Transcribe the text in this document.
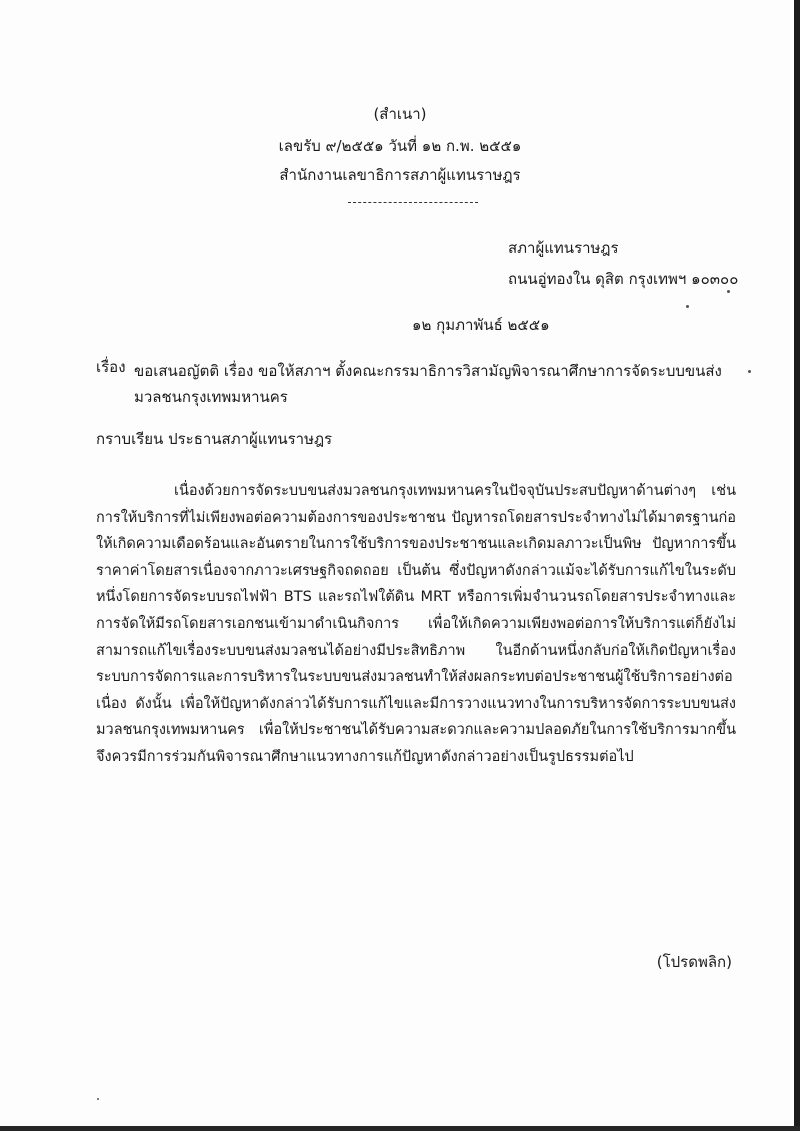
(สำเนา)
เลขรับ ๙/๒๕๕๑ วันที่ ๑๒ ก.พ. ๒๕๕๑
สำนักงานเลขาธิการสภาผู้แทนราษฎร
สภาผู้แทนราษฎร
ถนนอู่ทองใน ดุสิต กรุงเทพฯ ๑๐๓๐๐
๑๒ กุมภาพันธ์ ๒๕๕๑
เรื่อง ขอเสนอญัตติ เรื่อง ขอให้สภาฯ ตั้งคณะกรรมาธิการวิสามัญพิจารณาศึกษาการจัดระบบขนส่งมวลชนกรุงเทพมหานคร
กราบเรียน ประธานสภาผู้แทนราษฎร
เนื่องด้วยการจัดระบบขนส่งมวลชนกรุงเทพมหานครในปัจจุบันประสบปัญหาด้านต่างๆ เช่น การให้บริการที่ไม่เพียงพอต่อความต้องการของประชาชน ปัญหารถโดยสารประจำทางไม่ได้มาตรฐานก่อให้เกิดความเดือดร้อนและอันตรายในการใช้บริการของประชาชนและเกิดมลภาวะเป็นพิษ ปัญหาการขึ้นราคาค่าโดยสารเนื่องจากภาวะเศรษฐกิจถดถอย เป็นต้น ซึ่งปัญหาดังกล่าวแม้จะได้รับการแก้ไขในระดับหนึ่งโดยการจัดระบบรถไฟฟ้า BTS และรถไฟใต้ดิน MRT หรือการเพิ่มจำนวนรถโดยสารประจำทางและการจัดให้มีรถโดยสารเอกชนเข้ามาดำเนินกิจการ เพื่อให้เกิดความเพียงพอต่อการให้บริการแต่ก็ยังไม่สามารถแก้ไขเรื่องระบบขนส่งมวลชนได้อย่างมีประสิทธิภาพ ในอีกด้านหนึ่งกลับก่อให้เกิดปัญหาเรื่องระบบการจัดการและการบริหารในระบบขนส่งมวลชนทำให้ส่งผลกระทบต่อประชาชนผู้ใช้บริการอย่างต่อเนื่อง ดังนั้น เพื่อให้ปัญหาดังกล่าวได้รับการแก้ไขและมีการวางแนวทางในการบริหารจัดการระบบขนส่งมวลชนกรุงเทพมหานคร เพื่อให้ประชาชนได้รับความสะดวกและความปลอดภัยในการใช้บริการมากขึ้น จึงควรมีการร่วมกันพิจารณาศึกษาแนวทางการแก้ปัญหาดังกล่าวอย่างเป็นรูปธรรมต่อไป
(โปรดพลิก)
